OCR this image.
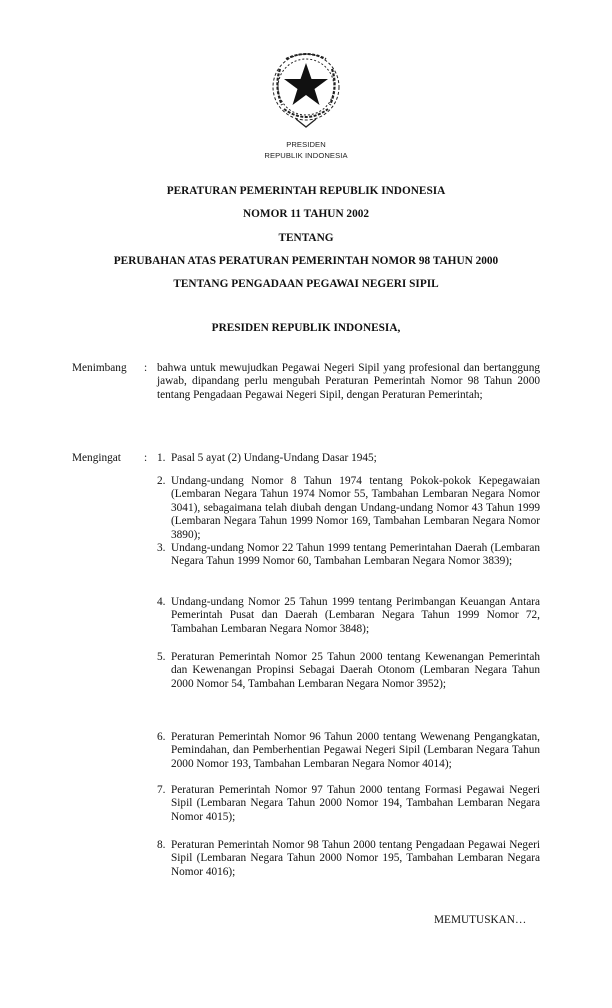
PRESIDEN
REPUBLIK INDONESIA
PERATURAN PEMERINTAH REPUBLIK INDONESIA
NOMOR 11 TAHUN 2002
TENTANG
PERUBAHAN ATAS PERATURAN PEMERINTAH NOMOR 98 TAHUN 2000
TENTANG PENGADAAN PEGAWAI NEGERI SIPIL
PRESIDEN REPUBLIK INDONESIA,
Menimbang : bahwa untuk mewujudkan Pegawai Negeri Sipil yang profesional dan bertanggung jawab, dipandang perlu mengubah Peraturan Pemerintah Nomor 98 Tahun 2000 tentang Pengadaan Pegawai Negeri Sipil, dengan Peraturan Pemerintah;
Mengingat : 1. Pasal 5 ayat (2) Undang-Undang Dasar 1945;
2. Undang-undang Nomor 8 Tahun 1974 tentang Pokok-pokok Kepegawaian (Lembaran Negara Tahun 1974 Nomor 55, Tambahan Lembaran Negara Nomor 3041), sebagaimana telah diubah dengan Undang-undang Nomor 43 Tahun 1999 (Lembaran Negara Tahun 1999 Nomor 169, Tambahan Lembaran Negara Nomor 3890);
3. Undang-undang Nomor 22 Tahun 1999 tentang Pemerintahan Daerah (Lembaran Negara Tahun 1999 Nomor 60, Tambahan Lembaran Negara Nomor 3839);
4. Undang-undang Nomor 25 Tahun 1999 tentang Perimbangan Keuangan Antara Pemerintah Pusat dan Daerah (Lembaran Negara Tahun 1999 Nomor 72, Tambahan Lembaran Negara Nomor 3848);
5. Peraturan Pemerintah Nomor 25 Tahun 2000 tentang Kewenangan Pemerintah dan Kewenangan Propinsi Sebagai Daerah Otonom (Lembaran Negara Tahun 2000 Nomor 54, Tambahan Lembaran Negara Nomor 3952);
6. Peraturan Pemerintah Nomor 96 Tahun 2000 tentang Wewenang Pengangkatan, Pemindahan, dan Pemberhentian Pegawai Negeri Sipil (Lembaran Negara Tahun 2000 Nomor 193, Tambahan Lembaran Negara Nomor 4014);
7. Peraturan Pemerintah Nomor 97 Tahun 2000 tentang Formasi Pegawai Negeri Sipil (Lembaran Negara Tahun 2000 Nomor 194, Tambahan Lembaran Negara Nomor 4015);
8. Peraturan Pemerintah Nomor 98 Tahun 2000 tentang Pengadaan Pegawai Negeri Sipil (Lembaran Negara Tahun 2000 Nomor 195, Tambahan Lembaran Negara Nomor 4016);
MEMUTUSKAN…
